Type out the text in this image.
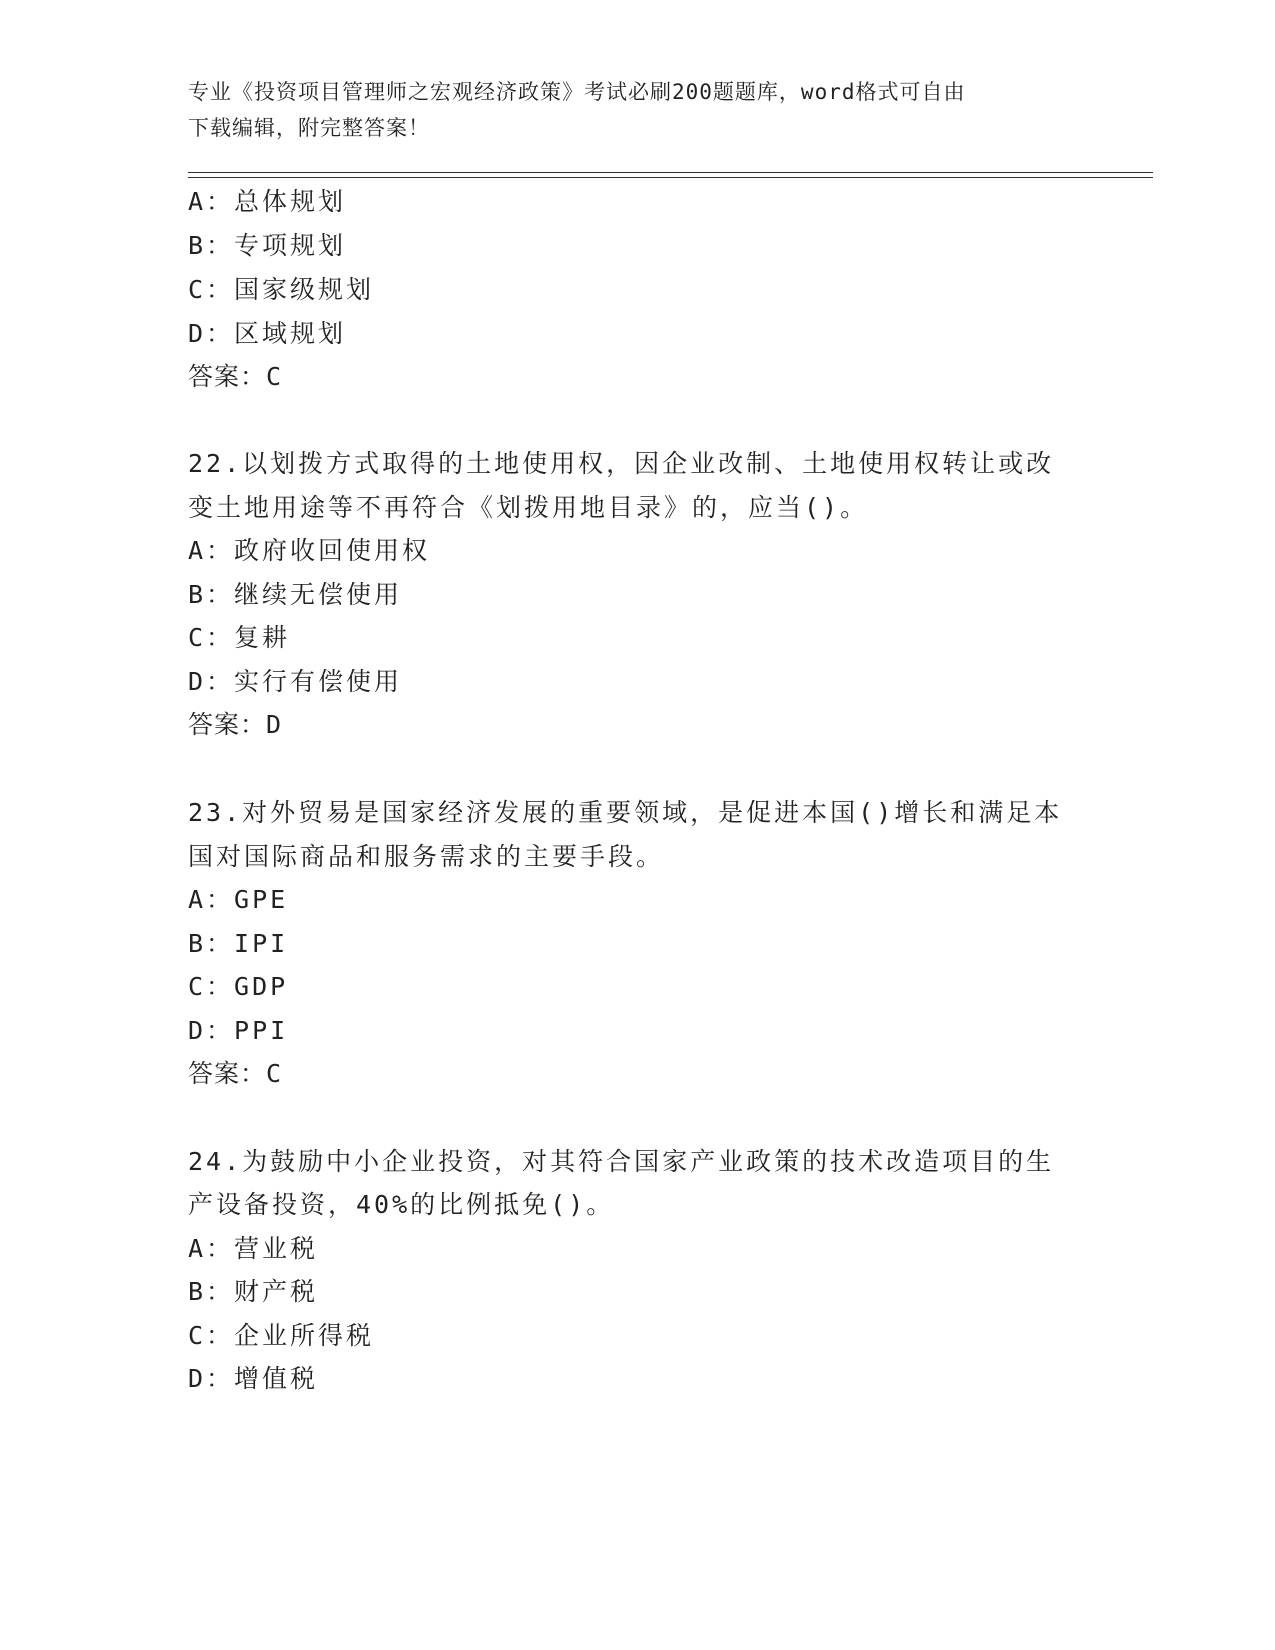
专业《投资项目管理师之宏观经济政策》考试必刷200题题库，word格式可自由
下载编辑，附完整答案！
A：总体规划
B：专项规划
C：国家级规划
D：区域规划
答案：C
22.以划拨方式取得的土地使用权，因企业改制、土地使用权转让或改
变土地用途等不再符合《划拨用地目录》的，应当()。
A：政府收回使用权
B：继续无偿使用
C：复耕
D：实行有偿使用
答案：D
23.对外贸易是国家经济发展的重要领域，是促进本国()增长和满足本
国对国际商品和服务需求的主要手段。
A：GPE
B：IPI
C：GDP
D：PPI
答案：C
24.为鼓励中小企业投资，对其符合国家产业政策的技术改造项目的生
产设备投资，40%的比例抵免()。
A：营业税
B：财产税
C：企业所得税
D：增值税
